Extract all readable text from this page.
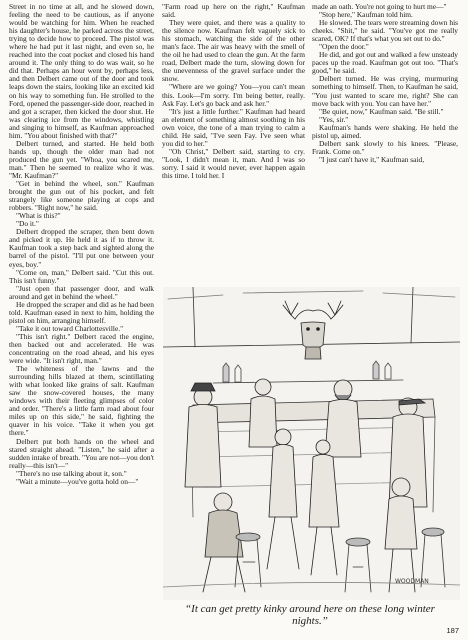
Street in no time at all, and he slowed down, feeling the need to be cautious, as if anyone would be watching for him. When he reached his daughter's house, he parked across the street, trying to decide how to proceed. The pistol was where he had put it last night, and even so, he reached into the coat pocket and closed his hand around it. The only thing to do was wait, so he did that. Perhaps an hour went by, perhaps less, and then Delbert came out of the door and took leaps down the stairs, looking like an excited kid on his way to something fun. He strolled to the Ford, opened the passenger-side door, reached in and got a scraper, then kicked the door shut. He was clearing ice from the windows, whistling and singing to himself, as Kaufman approached him. "You about finished with that?"

Delbert turned, and started. He held both hands up, though the older man had not produced the gun yet. "Whoa, you scared me, man." Then he seemed to realize who it was. "Mr. Kaufman?"

"Get in behind the wheel, son." Kaufman brought the gun out of his pocket, and felt strangely like someone playing at cops and robbers. "Right now," he said.

"What is this?"

"Do it."

Delbert dropped the scraper, then bent down and picked it up. He held it as if to throw it. Kaufman took a step back and sighted along the barrel of the pistol. "I'll put one between your eyes, boy."

"Come on, man," Delbert said. "Cut this out. This isn't funny."

"Just open that passenger door, and walk around and get in behind the wheel."

He dropped the scraper and did as he had been told. Kaufman eased in next to him, holding the pistol on him, arranging himself.

"Take it out toward Charlottesville."

"This isn't right." Delbert raced the engine, then backed out and accelerated. He was concentrating on the road ahead, and his eyes were wide. "It isn't right, man."

The whiteness of the lawns and the surrounding hills blazed at them, scintillating with what looked like grains of salt. Kaufman saw the snow-covered houses, the many windows with their fleeting glimpses of color and order. "There's a little farm road about four miles up on this side," he said, fighting the quaver in his voice. "Take it when you get there."

Delbert put both hands on the wheel and stared straight ahead. "Listen," he said after a sudden intake of breath. "You are not—you don't really—this isn't—"

"There's no use talking about it, son."

"Wait a minute—you've gotta hold on—"

"Farm road up here on the right," Kaufman said.

They were quiet, and there was a quality to the silence now. Kaufman felt vaguely sick to his stomach, watching the side of the other man's face. The air was heavy with the smell of the oil he had used to clean the gun. At the farm road, Delbert made the turn, slowing down for the unevenness of the gravel surface under the snow.

"Where are we going? You—you can't mean this. Look—I'm sorry. I'm being better, really. Ask Fay. Let's go back and ask her."

"It's just a little further." Kaufman had heard an element of something almost soothing in his own voice, the tone of a man trying to calm a child. He said, "I've seen Fay. I've seen what you did to her."

"Oh Christ," Delbert said, starting to cry. "Look, I didn't mean it, man. And I was so sorry. I said it would never, ever happen again this time. I told her. I

made an oath. You're not going to hurt me—"

"Stop here," Kaufman told him.

He slowed. The tears were streaming down his cheeks. "Shit," he said. "You've got me really scared, OK? If that's what you set out to do."

"Open the door."

He did, and got out and walked a few unsteady paces up the road. Kaufman got out too. "That's good," he said.

Delbert turned. He was crying, murmuring something to himself. Then, to Kaufman he said, "You just wanted to scare me, right? She can move back with you. You can have her."

"Be quiet, now," Kaufman said. "Be still."

"Yes, sir."

Kaufman's hands were shaking. He held the pistol up, aimed.

Delbert sank slowly to his knees. "Please, Frank. Come on."

"I just can't have it," Kaufman said,

WOODMAN
“It can get pretty kinky around here on these long winter nights.”
187
